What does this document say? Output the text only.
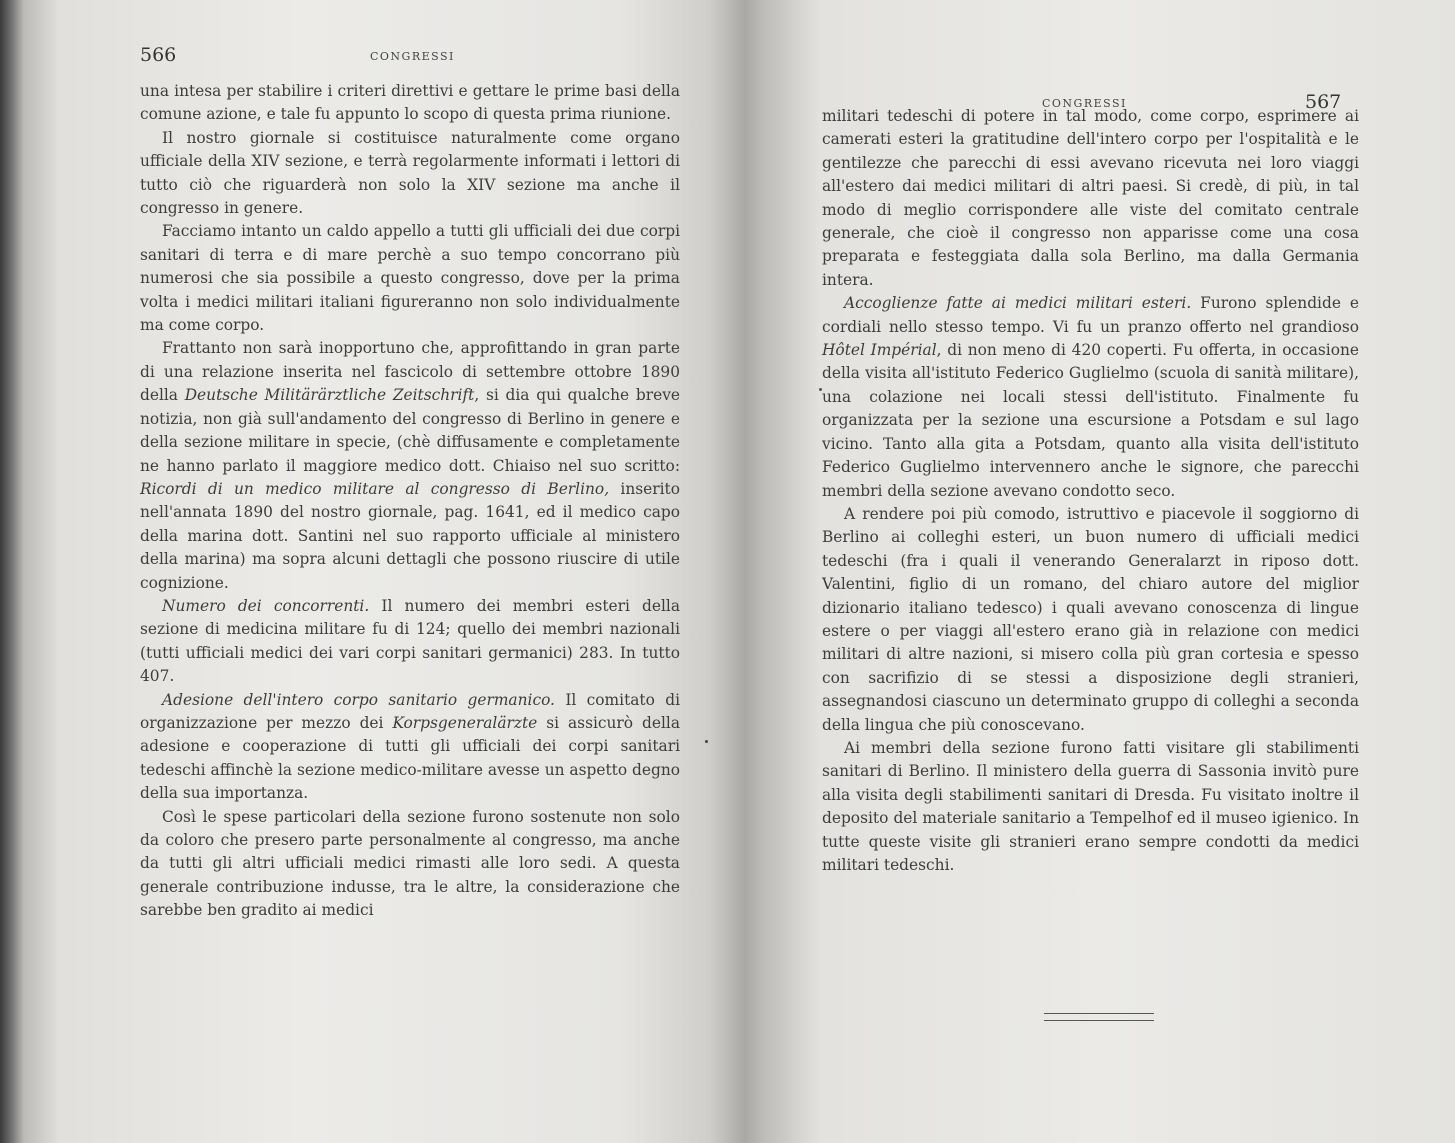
566	CONGRESSI

una intesa per stabilire i criteri direttivi e gettare le prime basi della comune azione, e tale fu appunto lo scopo di questa prima riunione.

Il nostro giornale si costituisce naturalmente come organo ufficiale della XIV sezione, e terrà regolarmente informati i lettori di tutto ciò che riguarderà non solo la XIV sezione ma anche il congresso in genere.

Facciamo intanto un caldo appello a tutti gli ufficiali dei due corpi sanitari di terra e di mare perchè a suo tempo concorrano più numerosi che sia possibile a questo congresso, dove per la prima volta i medici militari italiani figureranno non solo individualmente ma come corpo.

Frattanto non sarà inopportuno che, approfittando in gran parte di una relazione inserita nel fascicolo di settembre ottobre 1890 della Deutsche Militärärztliche Zeitschrift, si dia qui qualche breve notizia, non già sull'andamento del congresso di Berlino in genere e della sezione militare in specie, (chè diffusamente e completamente ne hanno parlato il maggiore medico dott. Chiaiso nel suo scritto: Ricordi di un medico militare al congresso di Berlino, inserito nell'annata 1890 del nostro giornale, pag. 1641, ed il medico capo della marina dott. Santini nel suo rapporto ufficiale al ministero della marina) ma sopra alcuni dettagli che possono riuscire di utile cognizione.

Numero dei concorrenti. Il numero dei membri esteri della sezione di medicina militare fu di 124; quello dei membri nazionali (tutti ufficiali medici dei vari corpi sanitari germanici) 283. In tutto 407.

Adesione dell'intero corpo sanitario germanico. Il comitato di organizzazione per mezzo dei Korpsgeneralärzte si assicurò della adesione e cooperazione di tutti gli ufficiali dei corpi sanitari tedeschi affinchè la sezione medico-militare avesse un aspetto degno della sua importanza.

Così le spese particolari della sezione furono sostenute non solo da coloro che presero parte personalmente al congresso, ma anche da tutti gli altri ufficiali medici rimasti alle loro sedi. A questa generale contribuzione indusse, tra le altre, la considerazione che sarebbe ben gradito ai medici

CONGRESSI	567

militari tedeschi di potere in tal modo, come corpo, esprimere ai camerati esteri la gratitudine dell'intero corpo per l'ospitalità e le gentilezze che parecchi di essi avevano ricevuta nei loro viaggi all'estero dai medici militari di altri paesi. Si credè, di più, in tal modo di meglio corrispondere alle viste del comitato centrale generale, che cioè il congresso non apparisse come una cosa preparata e festeggiata dalla sola Berlino, ma dalla Germania intera.

Accoglienze fatte ai medici militari esteri. Furono splendide e cordiali nello stesso tempo. Vi fu un pranzo offerto nel grandioso Hôtel Impérial, di non meno di 420 coperti. Fu offerta, in occasione della visita all'istituto Federico Guglielmo (scuola di sanità militare), una colazione nei locali stessi dell'istituto. Finalmente fu organizzata per la sezione una escursione a Potsdam e sul lago vicino. Tanto alla gita a Potsdam, quanto alla visita dell'istituto Federico Guglielmo intervennero anche le signore, che parecchi membri della sezione avevano condotto seco.

A rendere poi più comodo, istruttivo e piacevole il soggiorno di Berlino ai colleghi esteri, un buon numero di ufficiali medici tedeschi (fra i quali il venerando Generalarzt in riposo dott. Valentini, figlio di un romano, del chiaro autore del miglior dizionario italiano tedesco) i quali avevano conoscenza di lingue estere o per viaggi all'estero erano già in relazione con medici militari di altre nazioni, si misero colla più gran cortesia e spesso con sacrifizio di se stessi a disposizione degli stranieri, assegnandosi ciascuno un determinato gruppo di colleghi a seconda della lingua che più conoscevano.

Ai membri della sezione furono fatti visitare gli stabilimenti sanitari di Berlino. Il ministero della guerra di Sassonia invitò pure alla visita degli stabilimenti sanitari di Dresda. Fu visitato inoltre il deposito del materiale sanitario a Tempelhof ed il museo igienico. In tutte queste visite gli stranieri erano sempre condotti da medici militari tedeschi.
